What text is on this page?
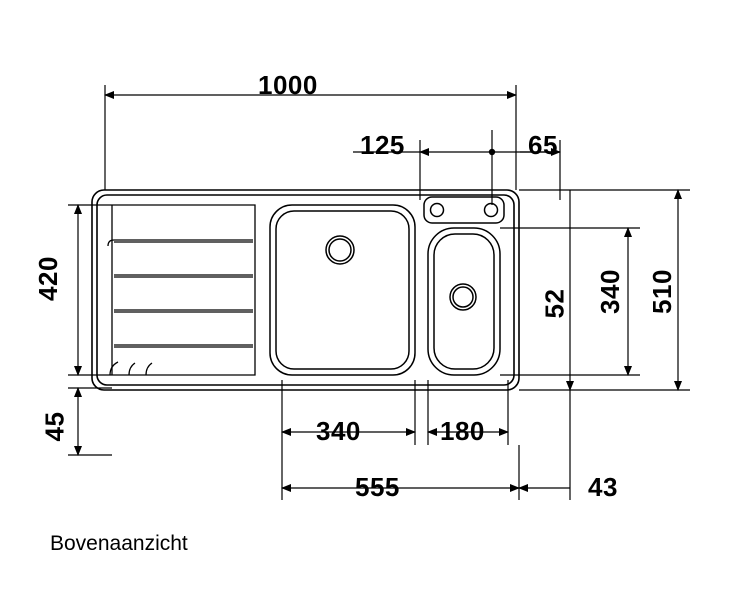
1000
125	65
420
45
52 340 510
340	180
555	43
Bovenaanzicht
